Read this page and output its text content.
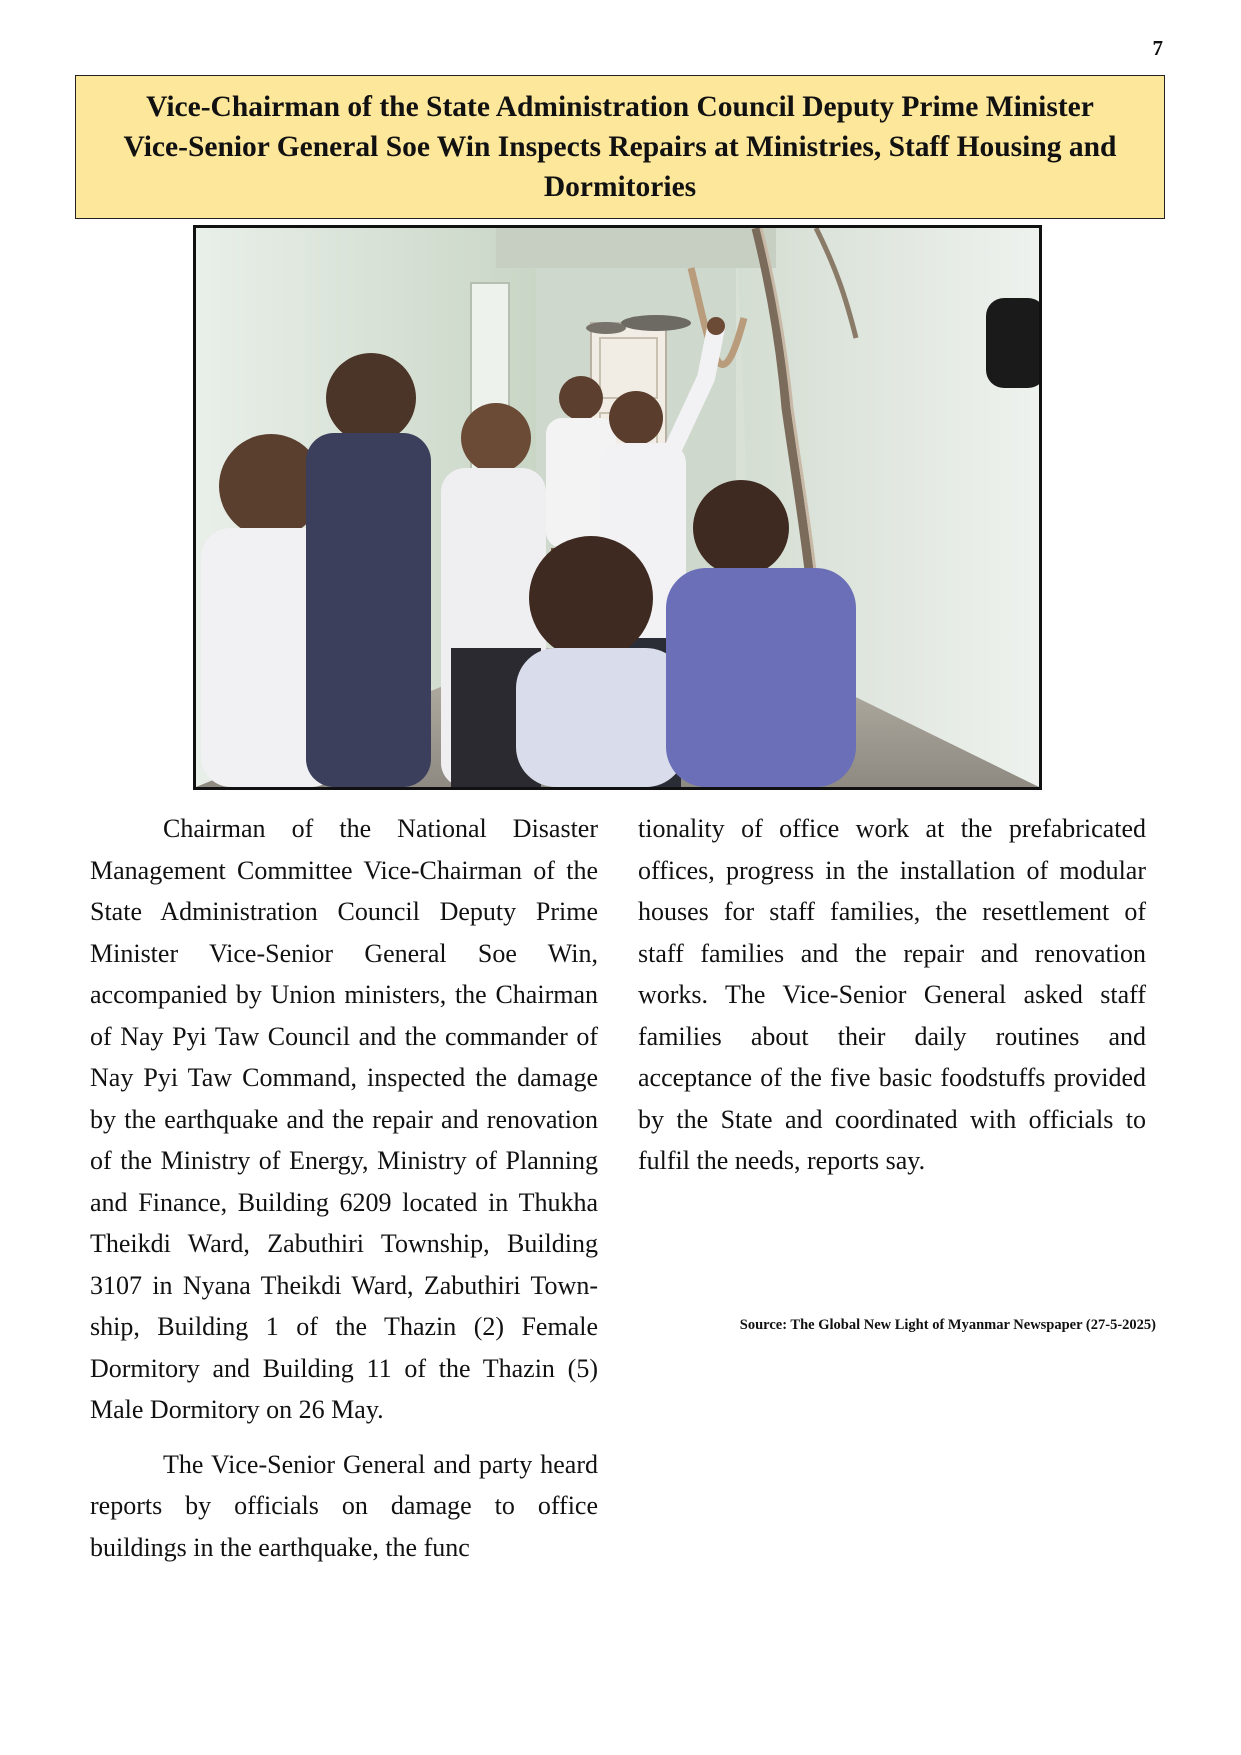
7
Vice-Chairman of the State Administration Council Deputy Prime Minister
Vice-Senior General Soe Win Inspects Repairs at Ministries, Staff Housing and
Dormitories

Chairman of the National Disaster Management Committee Vice-Chairman of the State Administration Council Deputy Prime Minister Vice-Senior General Soe Win, accompanied by Union ministers, the Chairman of Nay Pyi Taw Council and the commander of Nay Pyi Taw Command, inspected the damage by the earthquake and the repair and renovation of the Ministry of Energy, Ministry of Planning and Finance, Building 6209 located in Thukha Theikdi Ward, Zabuthiri Township, Building 3107 in Nyana Theikdi Ward, Zabuthiri Township, Building 1 of the Thazin (2) Female Dormitory and Building 11 of the Thazin (5) Male Dormitory on 26 May.

The Vice-Senior General and party heard reports by officials on damage to office buildings in the earthquake, the func

tionality of office work at the prefabricated offices, progress in the installation of modular houses for staff families, the resettlement of staff families and the repair and renovation works. The Vice-Senior General asked staff families about their daily routines and acceptance of the five basic foodstuffs provided by the State and coordinated with officials to fulfil the needs, reports say.

Source: The Global New Light of Myanmar Newspaper (27-5-2025)
